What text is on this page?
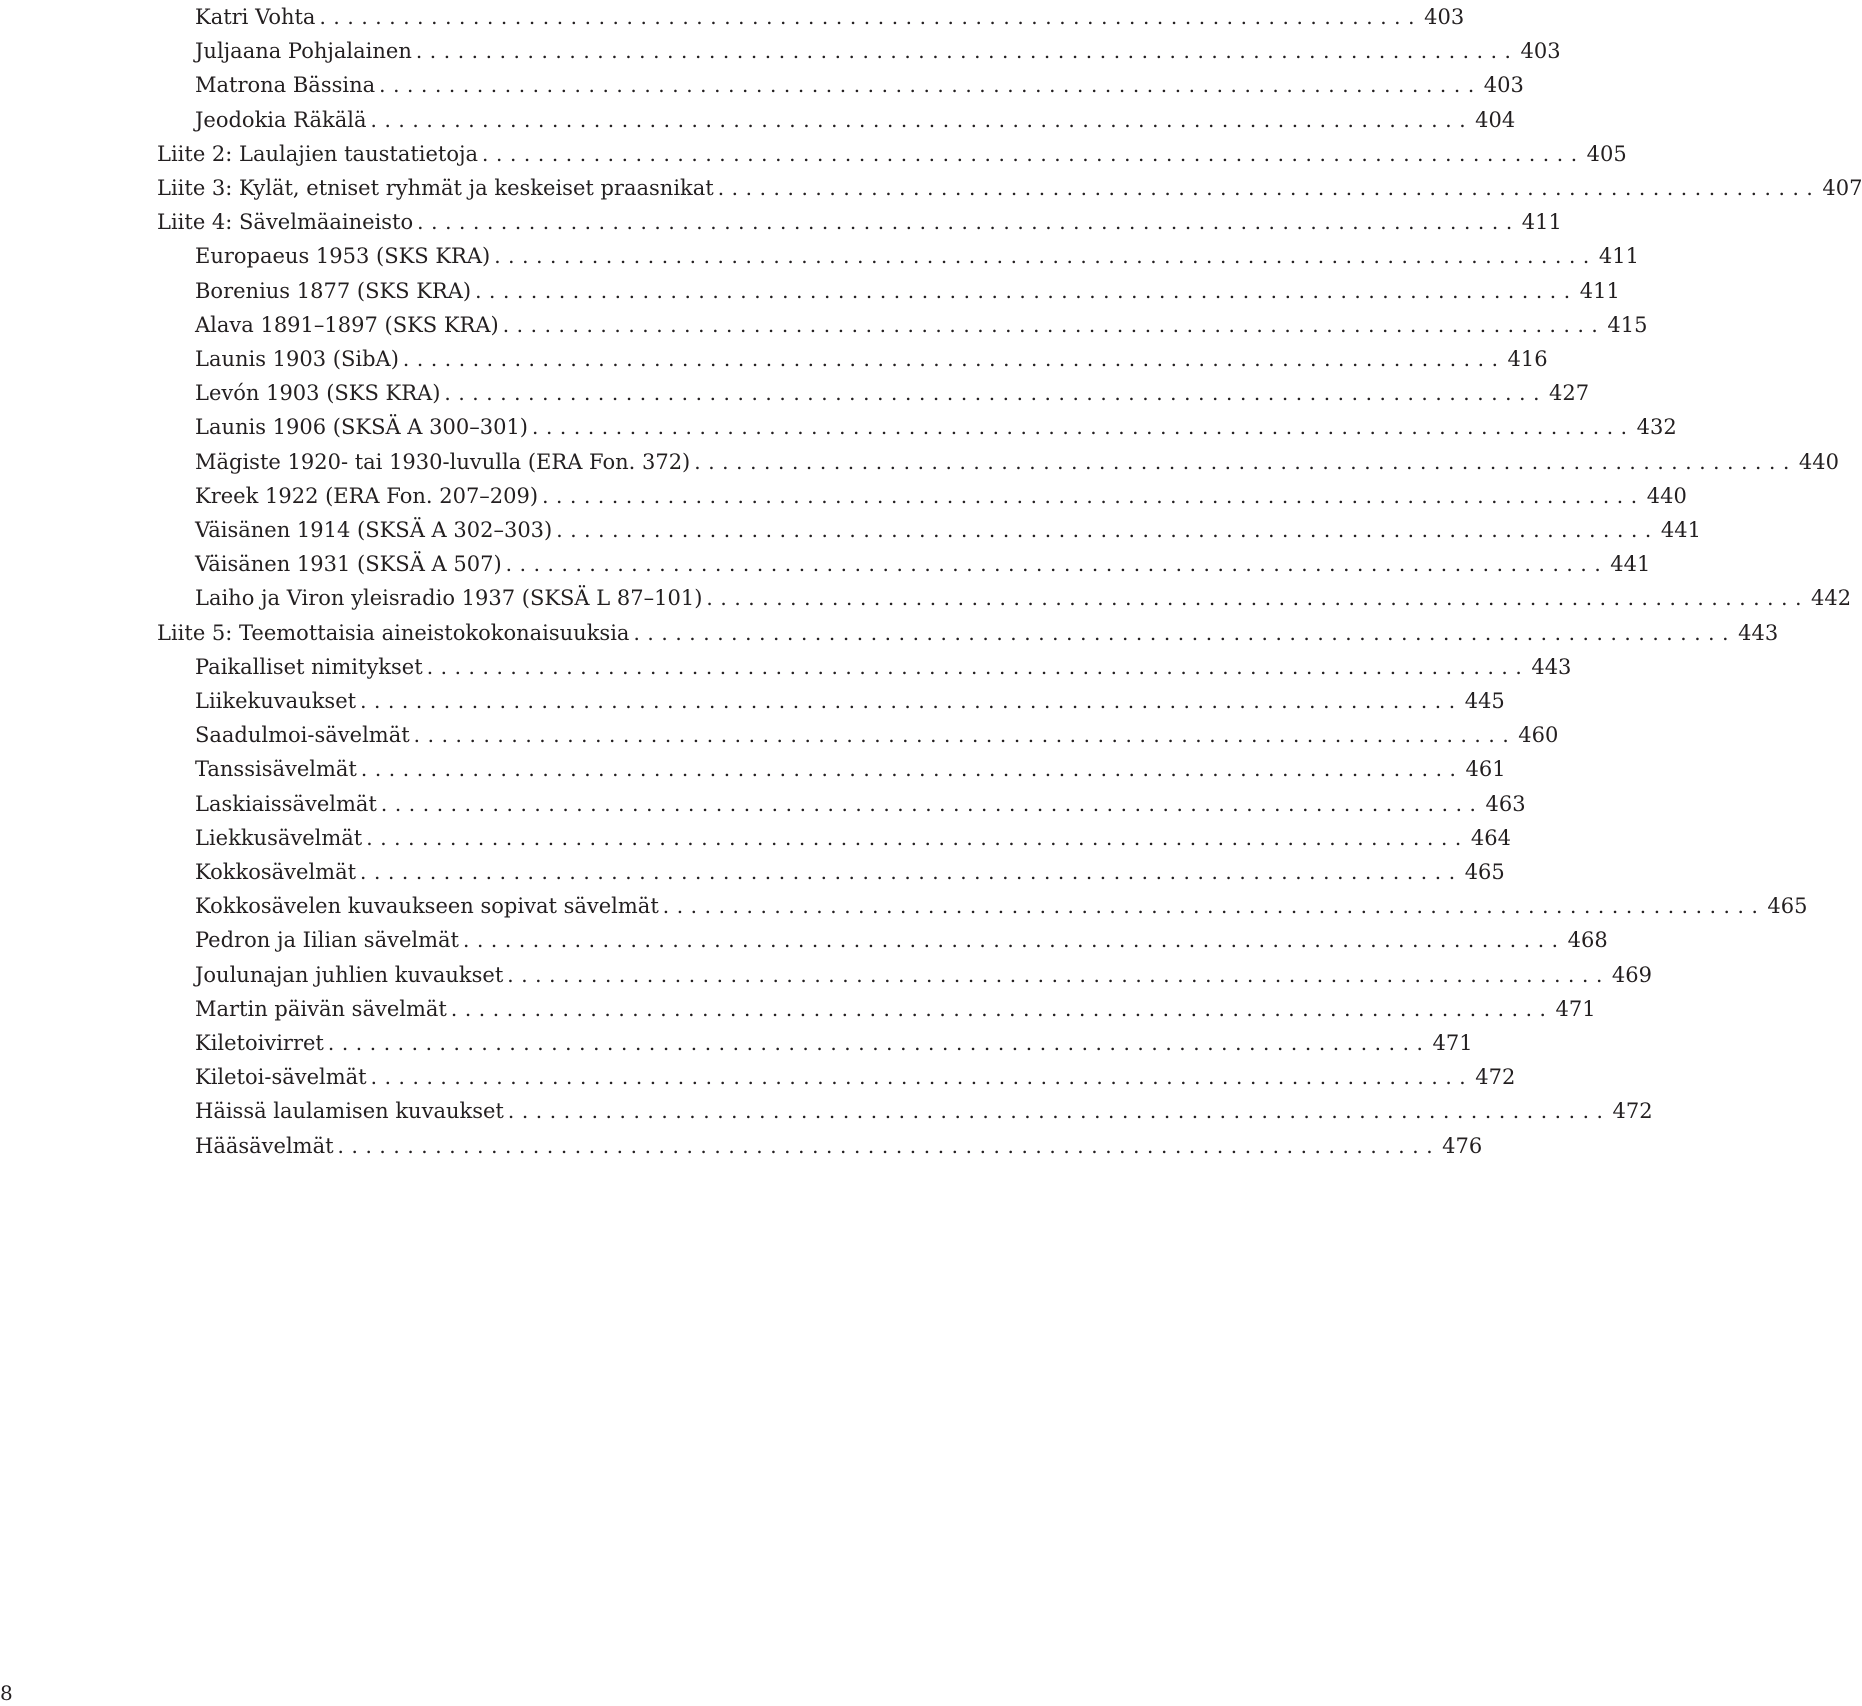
Katri Vohta ............................................................................... 403
Juljaana Pohjalainen ............................................................................... 403
Matrona Bässina ............................................................................... 403
Jeodokia Räkälä ............................................................................... 404
Liite 2: Laulajien taustatietoja ............................................................................... 405
Liite 3: Kylät, etniset ryhmät ja keskeiset praasnikat ............................................................................... 407
Liite 4: Sävelmäaineisto ............................................................................... 411
Europaeus 1953 (SKS KRA) ............................................................................... 411
Borenius 1877 (SKS KRA) ............................................................................... 411
Alava 1891–1897 (SKS KRA) ............................................................................... 415
Launis 1903 (SibA) ............................................................................... 416
Levón 1903 (SKS KRA) ............................................................................... 427
Launis 1906 (SKSÄ A 300–301) ............................................................................... 432
Mägiste 1920- tai 1930-luvulla (ERA Fon. 372) ............................................................................... 440
Kreek 1922 (ERA Fon. 207–209) ............................................................................... 440
Väisänen 1914 (SKSÄ A 302–303) ............................................................................... 441
Väisänen 1931 (SKSÄ A 507) ............................................................................... 441
Laiho ja Viron yleisradio 1937 (SKSÄ L 87–101) ............................................................................... 442
Liite 5: Teemottaisia aineistokokonaisuuksia ............................................................................... 443
Paikalliset nimitykset ............................................................................... 443
Liikekuvaukset ............................................................................... 445
Saadulmoi-sävelmät ............................................................................... 460
Tanssisävelmät ............................................................................... 461
Laskiaissävelmät ............................................................................... 463
Liekkusävelmät ............................................................................... 464
Kokkosävelmät ............................................................................... 465
Kokkosävelen kuvaukseen sopivat sävelmät ............................................................................... 465
Pedron ja Iilian sävelmät ............................................................................... 468
Joulunajan juhlien kuvaukset ............................................................................... 469
Martin päivän sävelmät ............................................................................... 471
Kiletoivirret ............................................................................... 471
Kiletoi-sävelmät ............................................................................... 472
Häissä laulamisen kuvaukset ............................................................................... 472
Hääsävelmät ............................................................................... 476
8
